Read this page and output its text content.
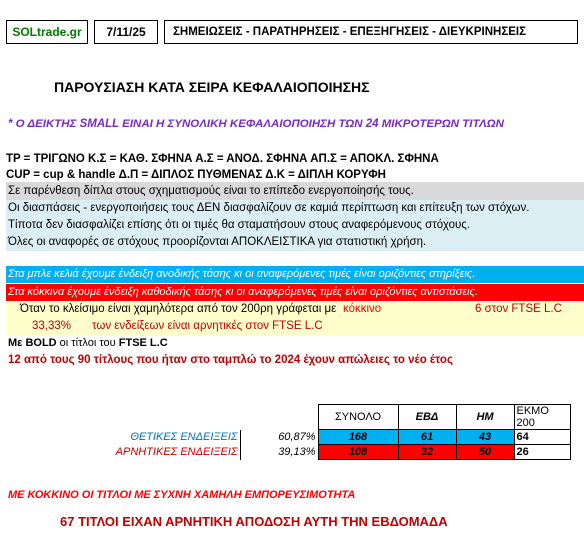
SOLtrade.gr	7/11/25	ΣΗΜΕΙΩΣΕΙΣ - ΠΑΡΑΤΗΡΗΣΕΙΣ - ΕΠΕΞΗΓΗΣΕΙΣ - ΔΙΕΥΚΡΙΝΗΣΕΙΣ
ΠΑΡΟΥΣΙΑΣΗ ΚΑΤΑ ΣΕΙΡΑ ΚΕΦΑΛΑΙΟΠΟΙΗΣΗΣ
* Ο ΔΕΙΚΤΗΣ SMALL ΕΙΝΑΙ Η ΣΥΝΟΛΙΚΗ ΚΕΦΑΛΑΙΟΠΟΙΗΣΗ ΤΩΝ 24 ΜΙΚΡΟΤΕΡΩΝ ΤΙΤΛΩΝ
TP = ΤΡΙΓΩΝΟ Κ.Σ = ΚΑΘ. ΣΦΗΝΑ Α.Σ = ΑΝΟΔ. ΣΦΗΝΑ ΑΠ.Σ = ΑΠΟΚΛ. ΣΦΗΝΑ
CUP = cup & handle Δ.Π = ΔΙΠΛΟΣ ΠΥΘΜΕΝΑΣ Δ.Κ = ΔΙΠΛΗ ΚΟΡΥΦΗ
Σε παρένθεση δίπλα στους σχηματισμούς είναι το επίπεδο ενεργοποίησής τους.
Οι διασπάσεις - ενεργοποιήσεις τους ΔΕΝ διασφαλίζουν σε καμιά περίπτωση και επίτευξη των στόχων.
Τίποτα δεν διασφαλίζει επίσης ότι οι τιμές θα σταματήσουν στους αναφερόμενους στόχους.
Όλες οι αναφορές σε στόχους προορίζονται ΑΠΟΚΛΕΙΣΤΙΚΑ για στατιστική χρήση.
Στα μπλε κελιά έχουμε ένδειξη ανοδικής τάσης κι οι αναφερόμενες τιμές είναι οριζόντιες στηρίξεις.
Στα κόκκινα έχουμε ένδειξη καθοδικής τάσης κι οι αναφερόμενες τιμές είναι οριζόντιες αντιστάσεις.
Όταν το κλείσιμο είναι χαμηλότερα από τον 200ρη γράφεται με κόκκινο	6 στον FTSE L.C
33,33% των ενδείξεων είναι αρνητικές στον FTSE L.C
Με BOLD οι τίτλοι του FTSE L.C
12 από τους 90 τίτλους που ήταν στο ταμπλώ το 2024 έχουν απώλειες το νέο έτος
		ΣΥΝΟΛΟ	ΕΒΔ	ΗΜ	ΕΚΜΟ 200
ΘΕΤΙΚΕΣ ΕΝΔΕΙΞΕΙΣ	60,87%	168	61	43	64
ΑΡΝΗΤΙΚΕΣ ΕΝΔΕΙΞΕΙΣ	39,13%	108	32	50	26
ΜΕ ΚΟΚΚΙΝΟ ΟΙ ΤΙΤΛΟΙ ΜΕ ΣΥΧΝΗ ΧΑΜΗΛΗ ΕΜΠΟΡΕΥΣΙΜΟΤΗΤΑ
67 ΤΙΤΛΟΙ ΕΙΧΑΝ ΑΡΝΗΤΙΚΗ ΑΠΟΔΟΣΗ ΑΥΤΗ ΤΗΝ ΕΒΔΟΜΑΔΑ
